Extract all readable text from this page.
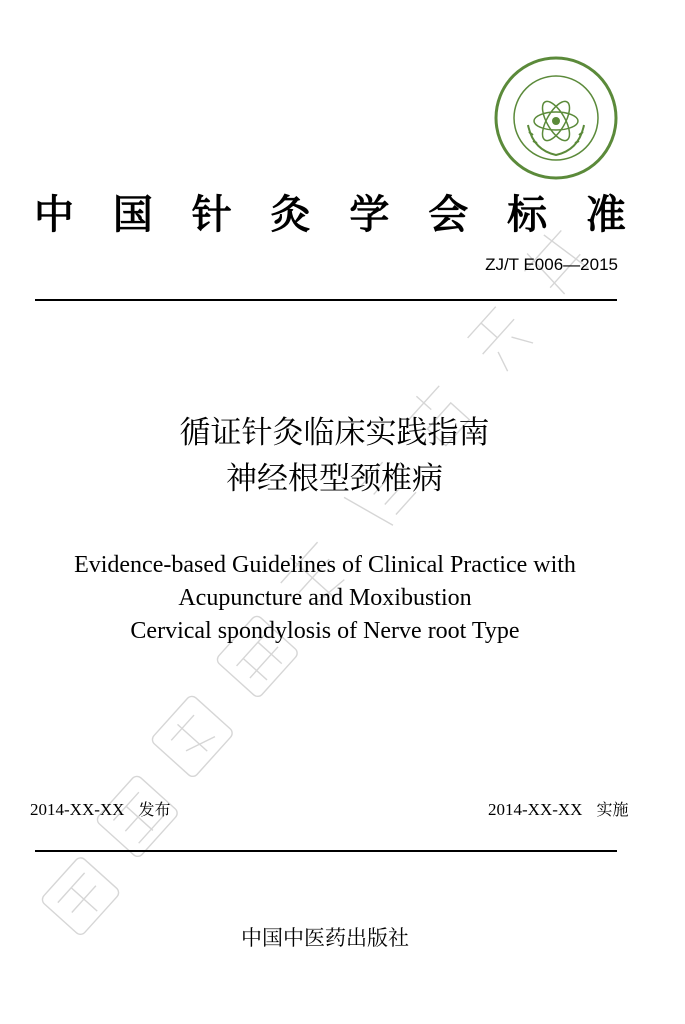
中 国 针 灸 学 会 标 准
ZJ/T E006—2015
循证针灸临床实践指南
神经根型颈椎病
Evidence-based Guidelines of Clinical Practice with
Acupuncture and Moxibustion
Cervical spondylosis of Nerve root Type
2014-XX-XX 发布	2014-XX-XX 实施
中国中医药出版社
